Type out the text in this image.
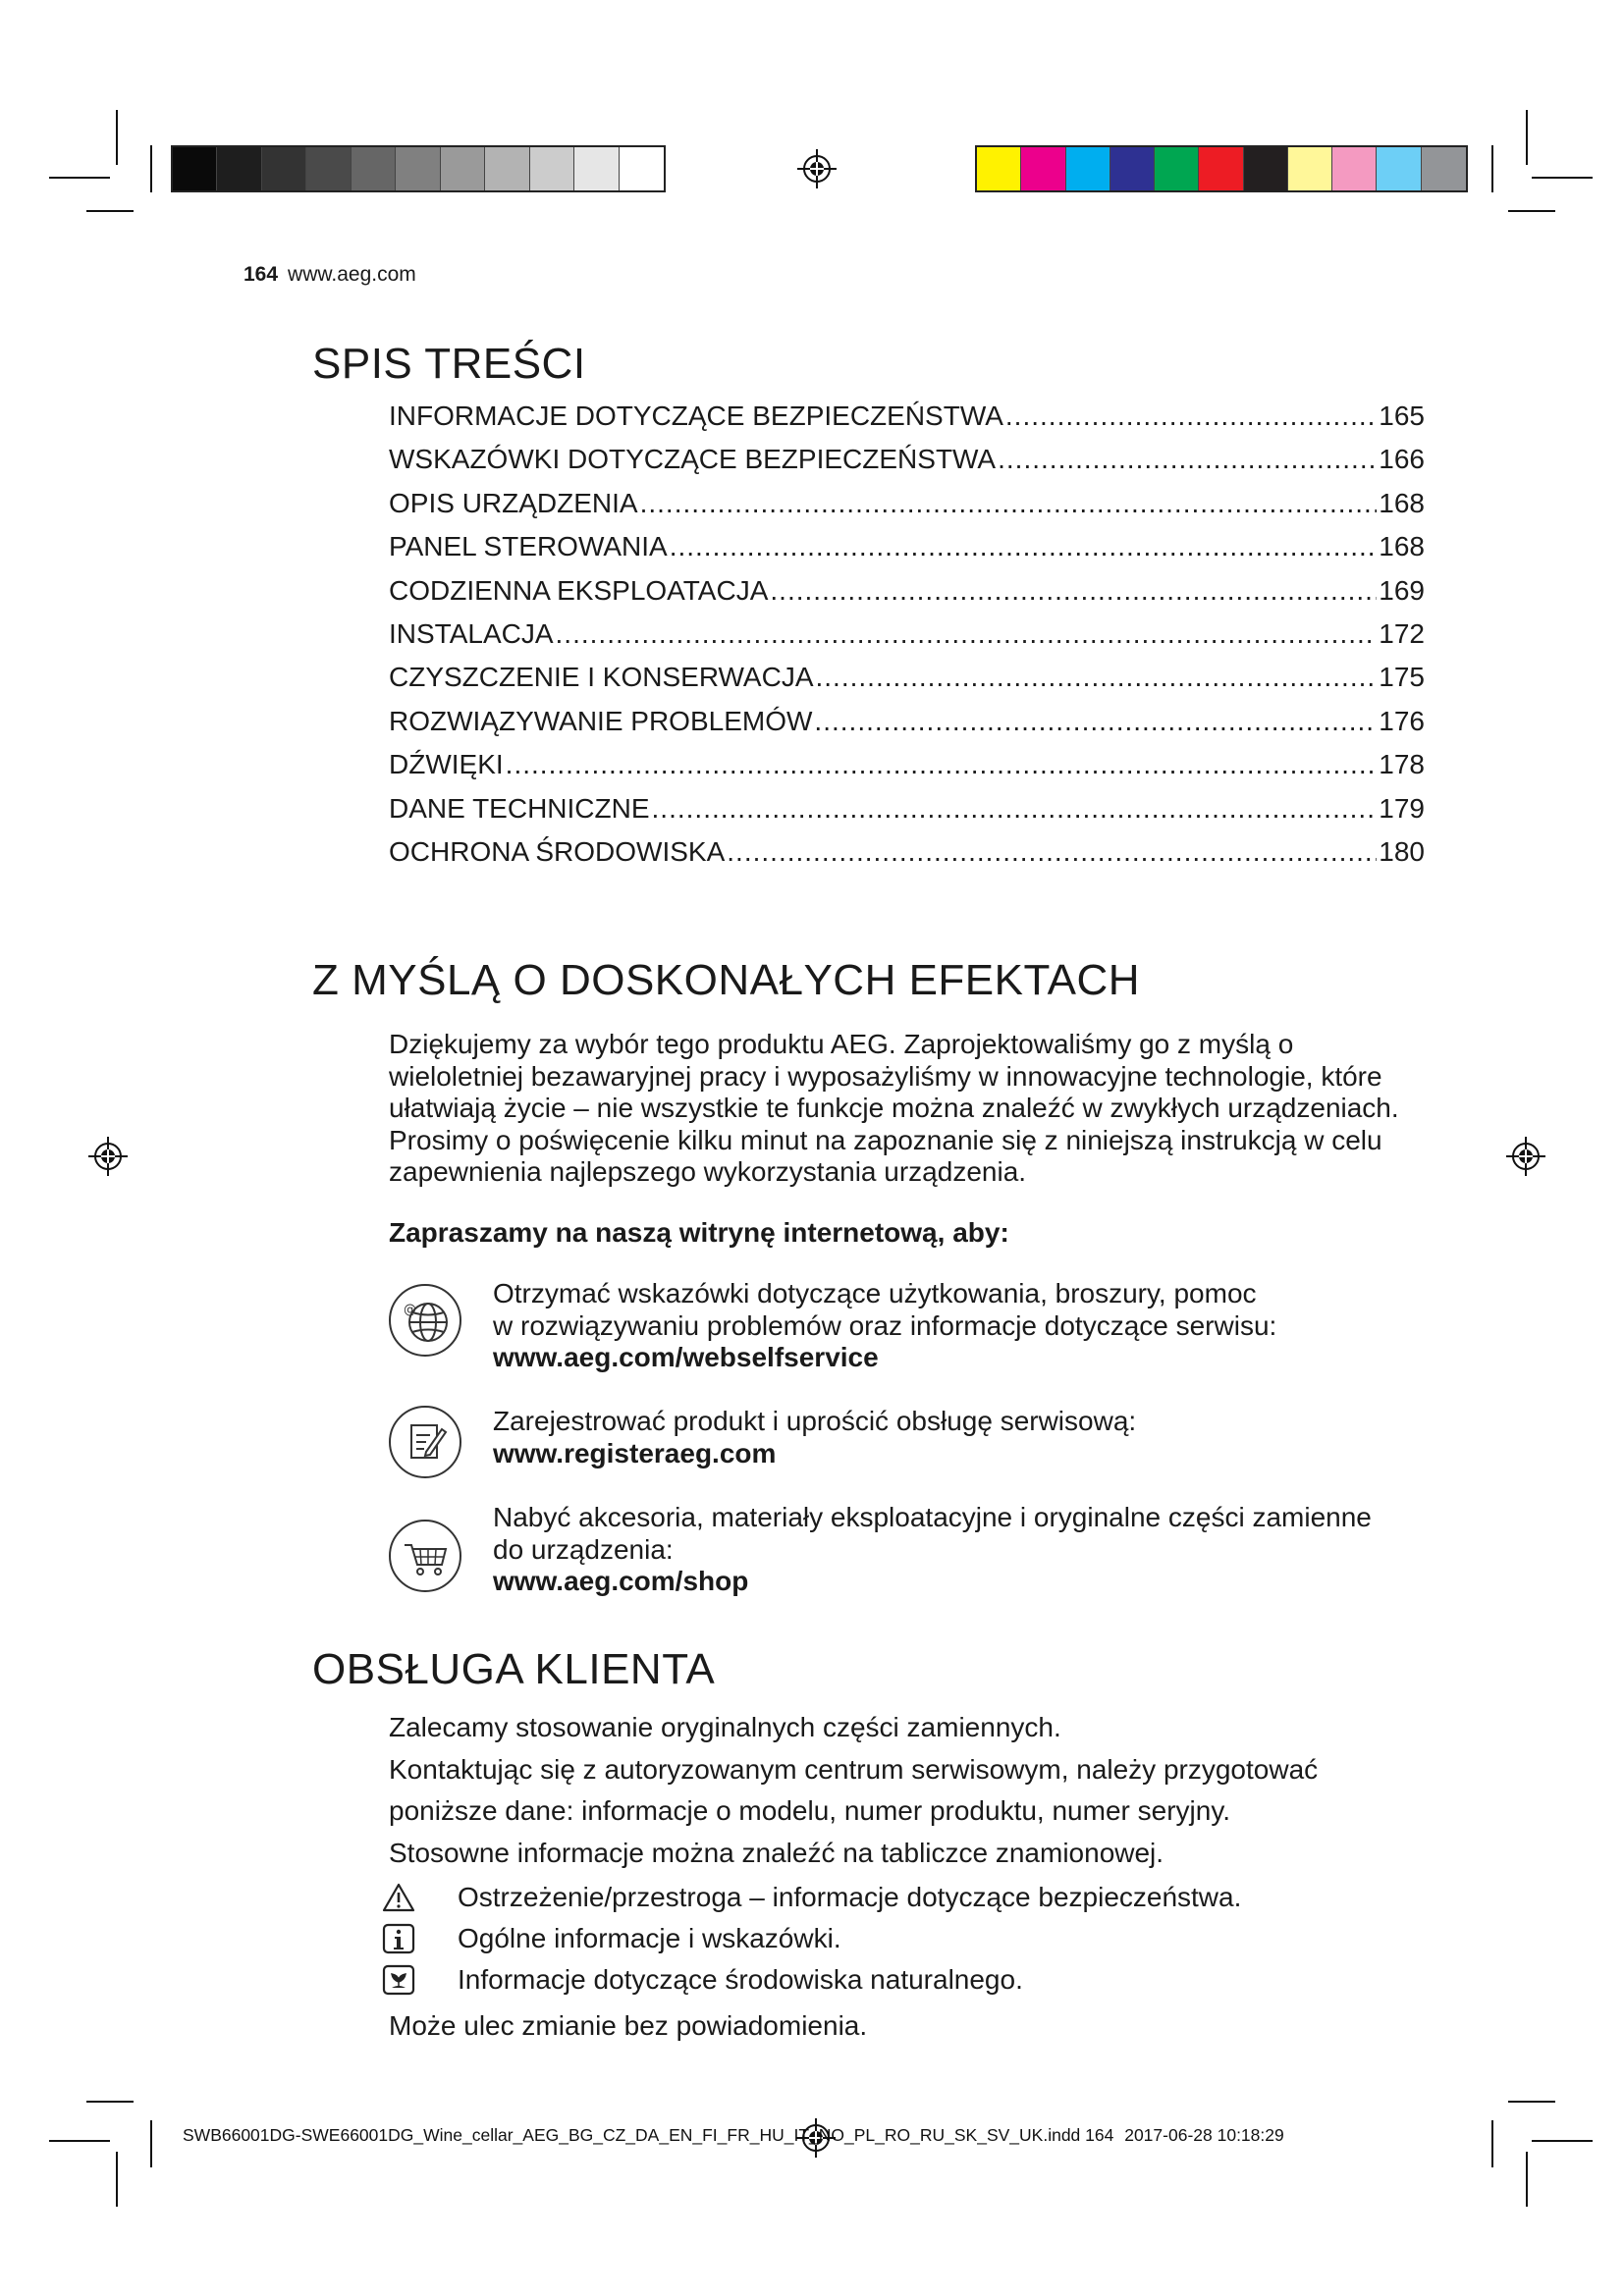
164 www.aeg.com
SPIS TREŚCI
INFORMACJE DOTYCZĄCE BEZPIECZEŃSTWA .....	165
WSKAZÓWKI DOTYCZĄCE BEZPIECZEŃSTWA .....	166
OPIS URZĄDZENIA .....	168
PANEL STEROWANIA .....	168
CODZIENNA EKSPLOATACJA .....	169
INSTALACJA .....	172
CZYSZCZENIE I KONSERWACJA .....	175
ROZWIĄZYWANIE PROBLEMÓW .....	176
DŹWIĘKI .....	178
DANE TECHNICZNE .....	179
OCHRONA ŚRODOWISKA .....	180
Z MYŚLĄ O DOSKONAŁYCH EFEKTACH
Dziękujemy za wybór tego produktu AEG. Zaprojektowaliśmy go z myślą o
wieloletniej bezawaryjnej pracy i wyposażyliśmy w innowacyjne technologie, które
ułatwiają życie – nie wszystkie te funkcje można znaleźć w zwykłych urządzeniach.
Prosimy o poświęcenie kilku minut na zapoznanie się z niniejszą instrukcją w celu
zapewnienia najlepszego wykorzystania urządzenia.
Zapraszamy na naszą witrynę internetową, aby:
@
Otrzymać wskazówki dotyczące użytkowania, broszury, pomoc
w rozwiązywaniu problemów oraz informacje dotyczące serwisu:
www.aeg.com/webselfservice
Zarejestrować produkt i uprościć obsługę serwisową:
www.registeraeg.com
Nabyć akcesoria, materiały eksploatacyjne i oryginalne części zamienne
do urządzenia:
www.aeg.com/shop
OBSŁUGA KLIENTA
Zalecamy stosowanie oryginalnych części zamiennych.
Kontaktując się z autoryzowanym centrum serwisowym, należy przygotować
poniższe dane: informacje o modelu, numer produktu, numer seryjny.
Stosowne informacje można znaleźć na tabliczce znamionowej.
Ostrzeżenie/przestroga – informacje dotyczące bezpieczeństwa.
Ogólne informacje i wskazówki.
Informacje dotyczące środowiska naturalnego.
Może ulec zmianie bez powiadomienia.
SWB66001DG-SWE66001DG_Wine_cellar_AEG_BG_CZ_DA_EN_FI_FR_HU_IT_NO_PL_RO_RU_SK_SV_UK.indd 164 2017-06-28 10:18:29
